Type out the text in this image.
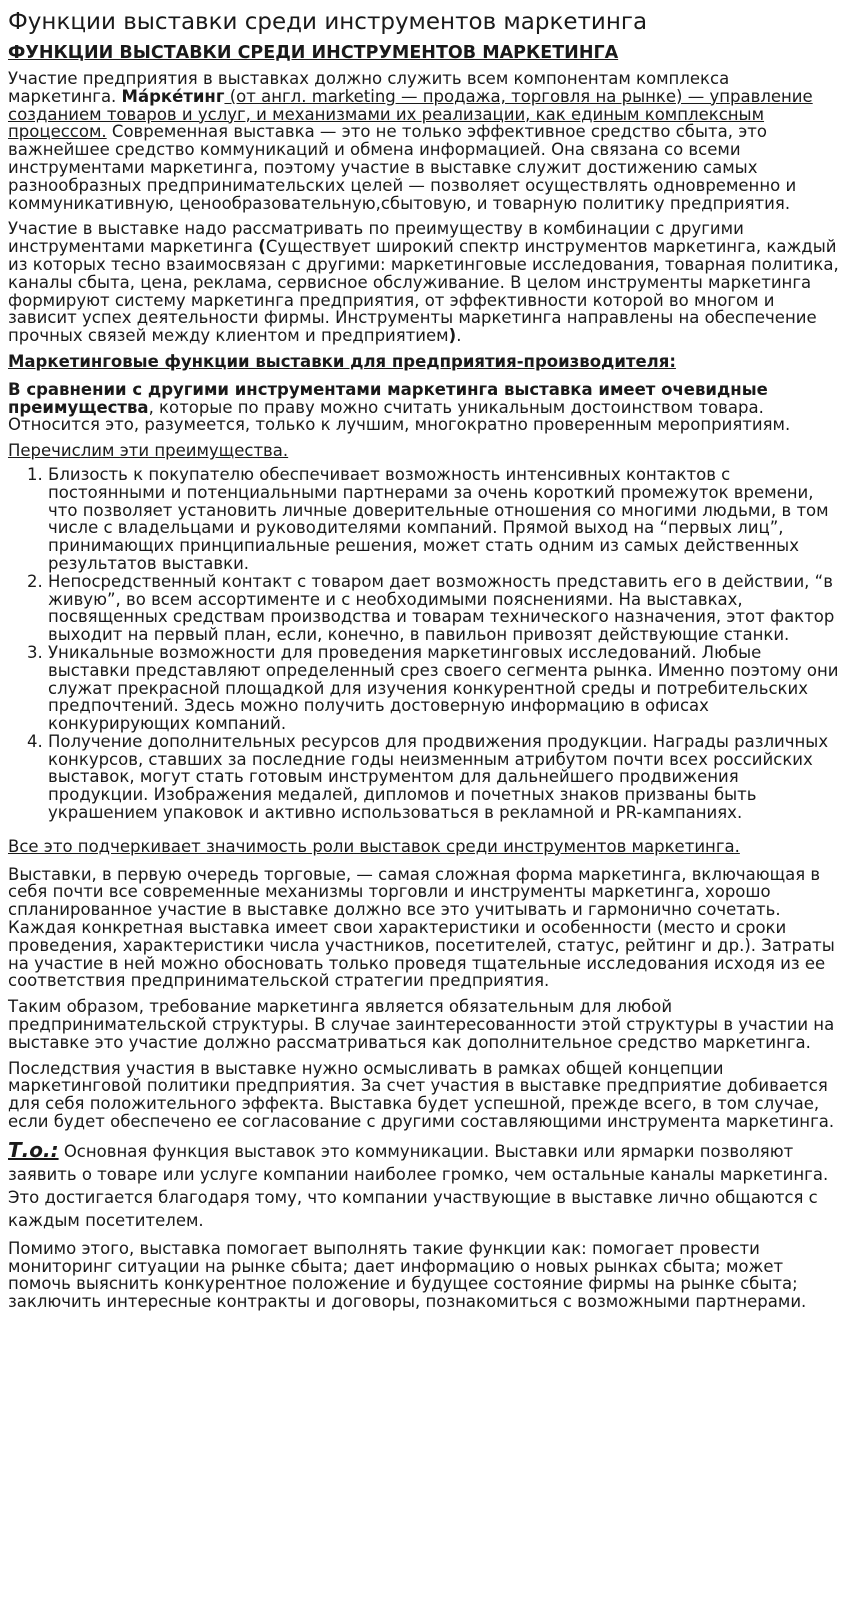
Функции выставки среди инструментов маркетинга
ФУНКЦИИ ВЫСТАВКИ СРЕДИ ИНСТРУМЕНТОВ МАРКЕТИНГА

Участие предприятия в выставках должно служить всем компонентам комплекса маркетинга. Ма́рке́тинг (от англ. marketing — продажа, торговля на рынке) — управление созданием товаров и услуг, и механизмами их реализации, как единым комплексным процессом. Современная выставка — это не только эффективное средство сбыта, это важнейшее средство коммуникаций и обмена информацией. Она связана со всеми инструментами маркетинга, поэтому участие в выставке служит достижению самых разнообразных предпринимательских целей — позволяет осуществлять одновременно и коммуникативную, ценообразовательную,сбытовую, и товарную политику предприятия.

Участие в выставке надо рассматривать по преимуществу в комбинации с другими инструментами маркетинга (Существует широкий спектр инструментов маркетинга, каждый из которых тесно взаимосвязан с другими: маркетинговые исследования, товарная политика, каналы сбыта, цена, реклама, сервисное обслуживание. В целом инструменты маркетинга формируют систему маркетинга предприятия, от эффективности которой во многом и зависит успех деятельности фирмы. Инструменты маркетинга направлены на обеспечение прочных связей между клиентом и предприятием).

Маркетинговые функции выставки для предприятия-производителя:

В сравнении с другими инструментами маркетинга выставка имеет очевидные преимущества, которые по праву можно считать уникальным достоинством товара. Относится это, разумеется, только к лучшим, многократно проверенным мероприятиям.

Перечислим эти преимущества.

1. Близость к покупателю обеспечивает возможность интенсивных контактов с постоянными и потенциальными партнерами за очень короткий промежуток времени, что позволяет установить личные доверительные отношения со многими людьми, в том числе с владельцами и руководителями компаний. Прямой выход на “первых лиц”, принимающих принципиальные решения, может стать одним из самых действенных результатов выставки.
2. Непосредственный контакт с товаром дает возможность представить его в действии, “в живую”, во всем ассортименте и с необходимыми пояснениями. На выставках, посвященных средствам производства и товарам технического назначения, этот фактор выходит на первый план, если, конечно, в павильон привозят действующие станки.
3. Уникальные возможности для проведения маркетинговых исследований. Любые выставки представляют определенный срез своего сегмента рынка. Именно поэтому они служат прекрасной площадкой для изучения конкурентной среды и потребительских предпочтений. Здесь можно получить достоверную информацию в офисах конкурирующих компаний.
4. Получение дополнительных ресурсов для продвижения продукции. Награды различных конкурсов, ставших за последние годы неизменным атрибутом почти всех российских выставок, могут стать готовым инструментом для дальнейшего продвижения продукции. Изображения медалей, дипломов и почетных знаков призваны быть украшением упаковок и активно использоваться в рекламной и PR-кампаниях.

Все это подчеркивает значимость роли выставок среди инструментов маркетинга.

Выставки, в первую очередь торговые, — самая сложная форма маркетинга, включающая в себя почти все современные механизмы торговли и инструменты маркетинга, хорошо спланированное участие в выставке должно все это учитывать и гармонично сочетать. Каждая конкретная выставка имеет свои характеристики и особенности (место и сроки проведения, характеристики числа участников, посетителей, статус, рейтинг и др.). Затраты на участие в ней можно обосновать только проведя тщательные исследования исходя из ее соответствия предпринимательской стратегии предприятия.

Таким образом, требование маркетинга является обязательным для любой предпринимательской структуры. В случае заинтересованности этой структуры в участии на выставке это участие должно рассматриваться как дополнительное средство маркетинга.

Последствия участия в выставке нужно осмысливать в рамках общей концепции маркетинговой политики предприятия. За счет участия в выставке предприятие добивается для себя положительного эффекта. Выставка будет успешной, прежде всего, в том случае, если будет обеспечено ее согласование с другими составляющими инструмента маркетинга.

Т.о.: Основная функция выставок это коммуникации. Выставки или ярмарки позволяют заявить о товаре или услуге компании наиболее громко, чем остальные каналы маркетинга. Это достигается благодаря тому, что компании участвующие в выставке лично общаются с каждым посетителем.

Помимо этого, выставка помогает выполнять такие функции как: помогает провести мониторинг ситуации на рынке сбыта; дает информацию о новых рынках сбыта; может помочь выяснить конкурентное положение и будущее состояние фирмы на рынке сбыта; заключить интересные контракты и договоры, познакомиться с возможными партнерами.
